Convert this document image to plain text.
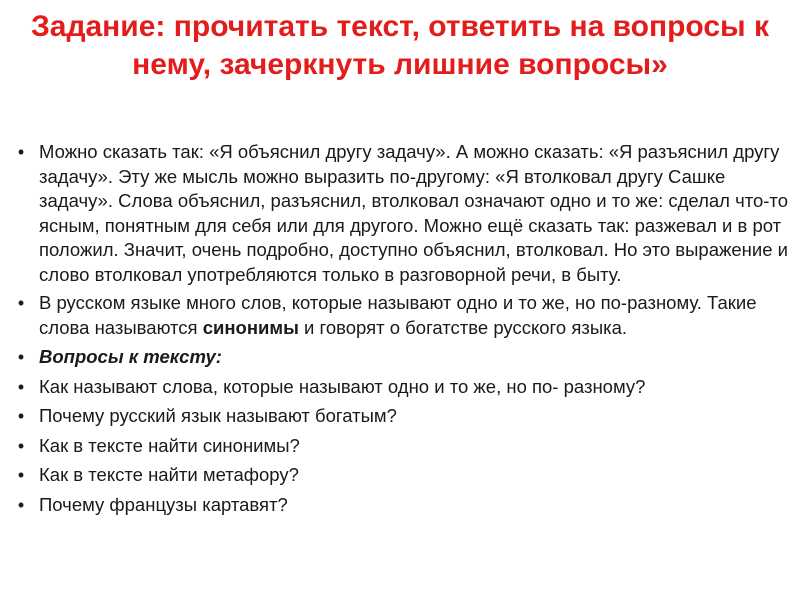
Задание: прочитать текст, ответить на вопросы к нему, зачеркнуть лишние вопросы»
• Можно сказать так: «Я объяснил другу задачу». А можно сказать: «Я разъяснил другу задачу». Эту же мысль можно выразить по-другому: «Я втолковал другу Сашке задачу». Слова объяснил, разъяснил, втолковал означают одно и то же: сделал что-то ясным, понятным для себя или для другого. Можно ещё сказать так: разжевал и в рот положил. Значит, очень подробно, доступно объяснил, втолковал. Но это выражение и слово втолковал употребляются только в разговорной речи, в быту.
• В русском языке много слов, которые называют одно и то же, но по-разному. Такие слова называются синонимы и говорят о богатстве русского языка.
• Вопросы к тексту:
• Как называют слова, которые называют одно и то же, но по- разному?
• Почему русский язык называют богатым?
• Как в тексте найти синонимы?
• Как в тексте найти метафору?
• Почему французы картавят?
